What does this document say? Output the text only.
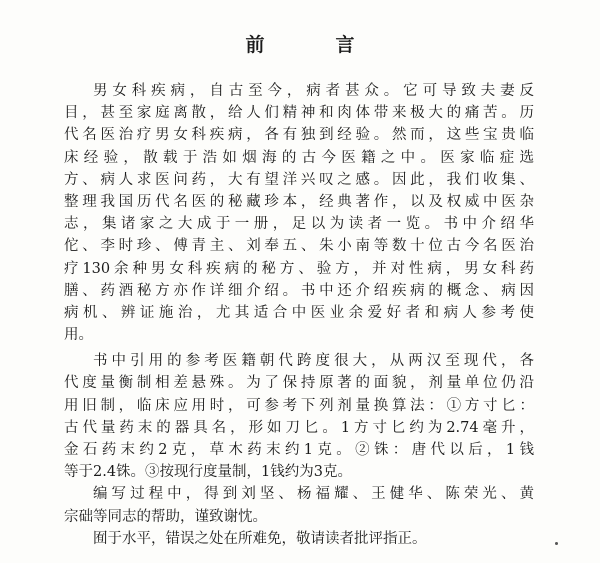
前　言
男女科疾病，自古至今，病者甚众。它可导致夫妻反
目，甚至家庭离散，给人们精神和肉体带来极大的痛苦。历
代名医治疗男女科疾病，各有独到经验。然而，这些宝贵临
床经验，散载于浩如烟海的古今医籍之中。医家临症选
方、病人求医问药，大有望洋兴叹之感。因此，我们收集、
整理我国历代名医的秘藏珍本，经典著作，以及权威中医杂
志，集诸家之大成于一册，足以为读者一览。书中介绍华
佗、李时珍、傅青主、刘奉五、朱小南等数十位古今名医治
疗130余种男女科疾病的秘方、验方，并对性病，男女科药
膳、药酒秘方亦作详细介绍。书中还介绍疾病的概念、病因
病机、辨证施治，尤其适合中医业余爱好者和病人参考使
用。
书中引用的参考医籍朝代跨度很大，从两汉至现代，各
代度量衡制相差悬殊。为了保持原著的面貌，剂量单位仍沿
用旧制，临床应用时，可参考下列剂量换算法：①方寸匕：
古代量药末的器具名，形如刀匕。1方寸匕约为2.74毫升，
金石药末约2克，草木药末约1克。②铢：唐代以后，1钱
等于2.4铢。③按现行度量制，1钱约为3克。
编写过程中，得到刘坚、杨福耀、王健华、陈荣光、黄
宗础等同志的帮助，谨致谢忱。
囿于水平，错误之处在所难免，敬请读者批评指正。
